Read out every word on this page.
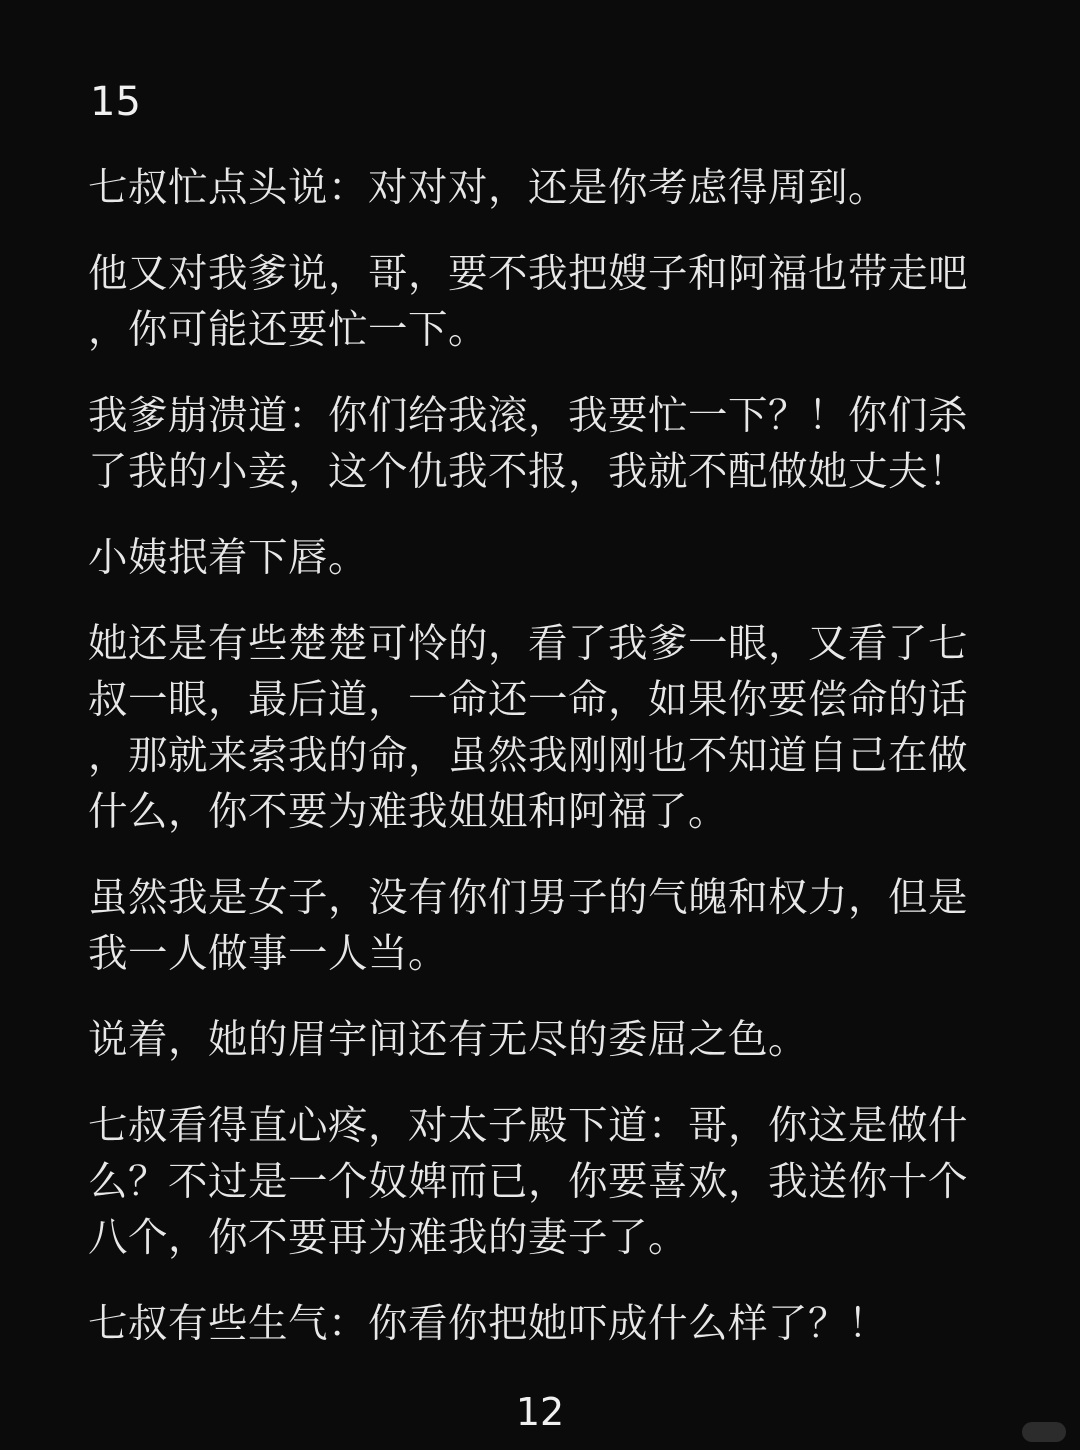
15

七叔忙点头说：对对对，还是你考虑得周到。

他又对我爹说，哥，要不我把嫂子和阿福也带走吧
，你可能还要忙一下。

我爹崩溃道：你们给我滚，我要忙一下？！你们杀
了我的小妾，这个仇我不报，我就不配做她丈夫！

小姨抿着下唇。

她还是有些楚楚可怜的，看了我爹一眼，又看了七
叔一眼，最后道，一命还一命，如果你要偿命的话
，那就来索我的命，虽然我刚刚也不知道自己在做
什么，你不要为难我姐姐和阿福了。

虽然我是女子，没有你们男子的气魄和权力，但是
我一人做事一人当。

说着，她的眉宇间还有无尽的委屈之色。

七叔看得直心疼，对太子殿下道：哥，你这是做什
么？不过是一个奴婢而已，你要喜欢，我送你十个
八个，你不要再为难我的妻子了。

七叔有些生气：你看你把她吓成什么样了？！

12
